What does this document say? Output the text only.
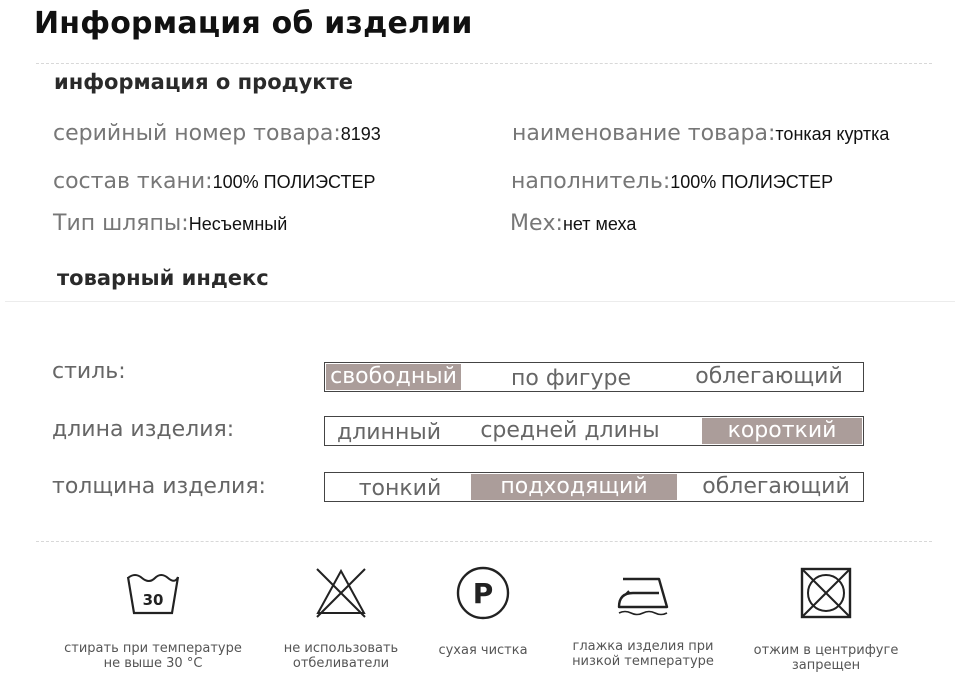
Информация об изделии
информация о продукте
серийный номер товара:8193	наименование товара:тонкая куртка
состав ткани:100% ПОЛИЭСТЕР	наполнитель:100% ПОЛИЭСТЕР
Тип шляпы:Несъемный	Мех:нет меха
товарный индекс
стиль:	свободный	по фигуре	облегающий
длина изделия:	длинный	средней длины	короткий
толщина изделия:	тонкий	подходящий	облегающий
30
стирать при температуре
не выше 30 °C
не использовать
отбеливатели
P
сухая чистка	глажка изделия при
низкой температуре
отжим в центрифуге
запрещен
